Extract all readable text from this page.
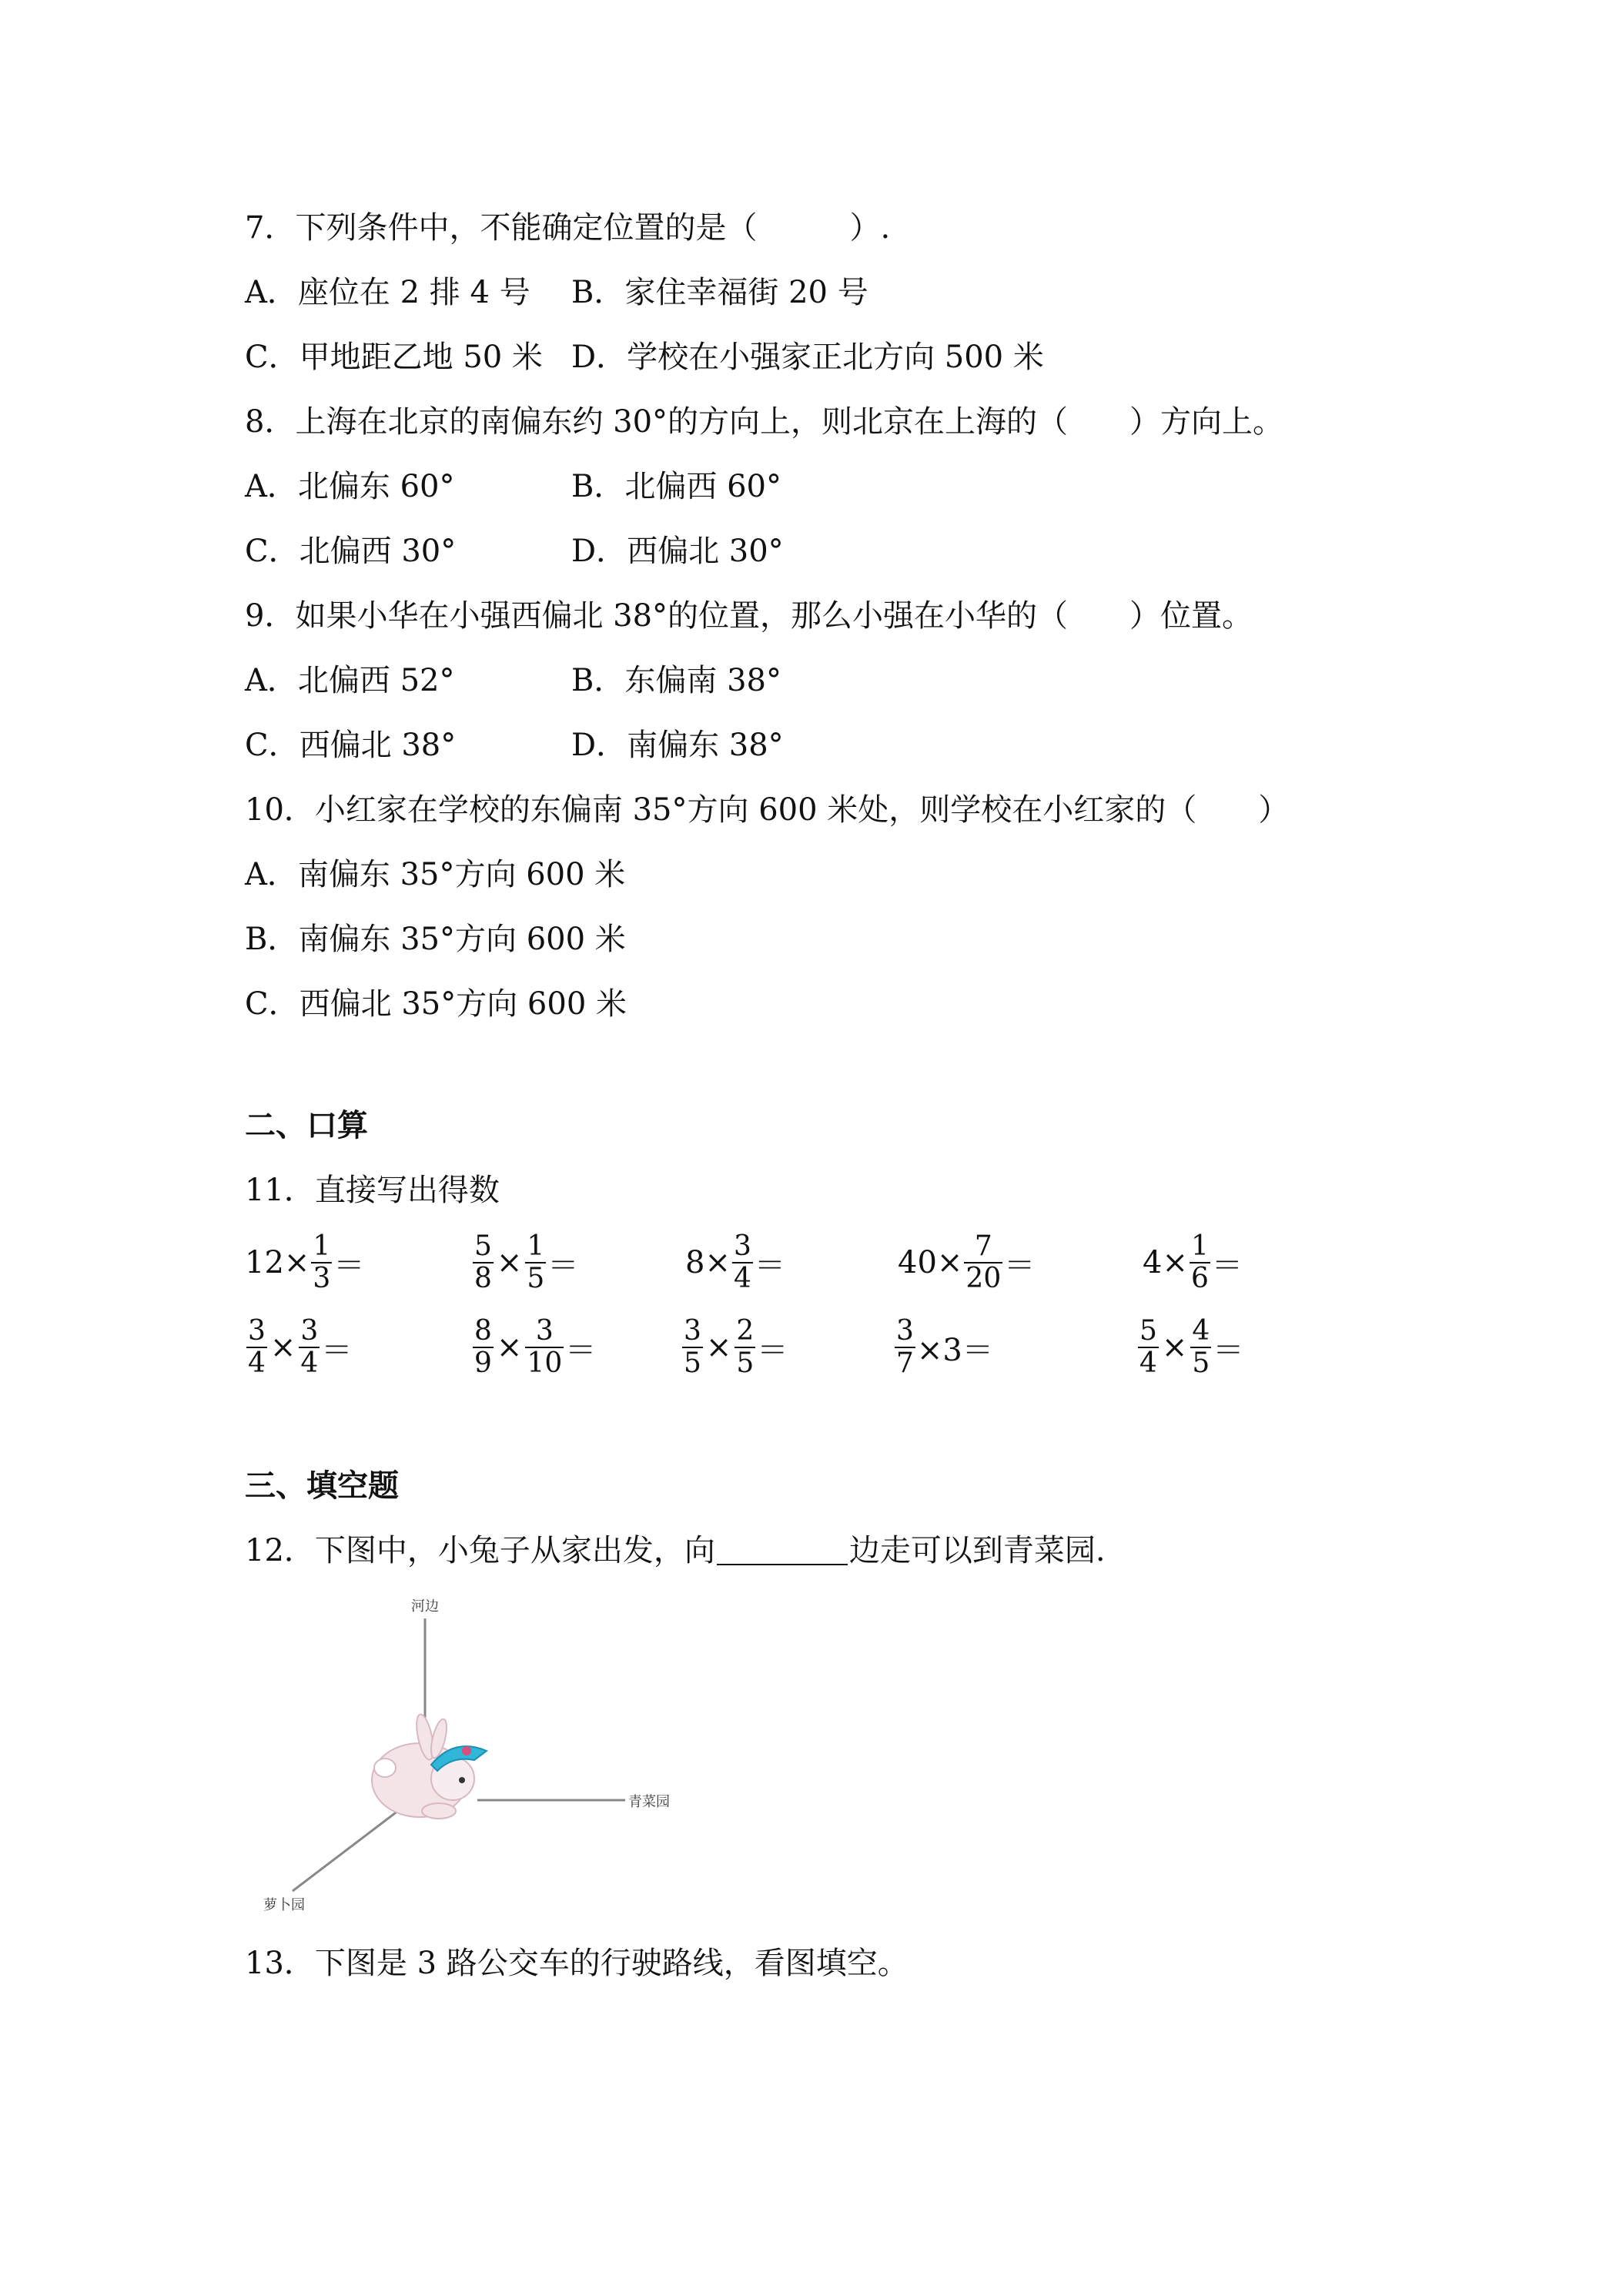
7．下列条件中，不能确定位置的是（　　　）.
A．座位在 2 排 4 号 B．家住幸福街 20 号
C．甲地距乙地 50 米 D．学校在小强家正北方向 500 米
8．上海在北京的南偏东约 30°的方向上，则北京在上海的（　　）方向上。
A．北偏东 60°	B．北偏西 60°
C．北偏西 30°	D．西偏北 30°
9．如果小华在小强西偏北 38°的位置，那么小强在小华的（　　）位置。
A．北偏西 52°	B．东偏南 38°
C．西偏北 38°	D．南偏东 38°
10．小红家在学校的东偏南 35°方向 600 米处，则学校在小红家的（　　）
A．南偏东 35°方向 600 米
B．南偏东 35°方向 600 米
C．西偏北 35°方向 600 米
二、口算
11．直接写出得数
$12\times \frac{1}{3}$ ＝	$\frac{5}{8} \times \frac{1}{5}$ ＝	$8\times \frac{3}{4}$ ＝	$40\times \frac{7}{20}$ ＝	$4\times \frac{1}{6}$ ＝
$\frac{3}{4} \times \frac{3}{4}$ ＝	$\frac{8}{9} \times \frac{3}{10}$ ＝	$\frac{3}{5} \times \frac{2}{5}$ ＝	$\frac{3}{7} \times 3=$	$\frac{5}{4} \times \frac{4}{5}$ ＝
三、填空题
12．下图中，小兔子从家出发，向	边走可以到青菜园.
河边
青菜园
萝卜园
13．下图是 3 路公交车的行驶路线，看图填空。
